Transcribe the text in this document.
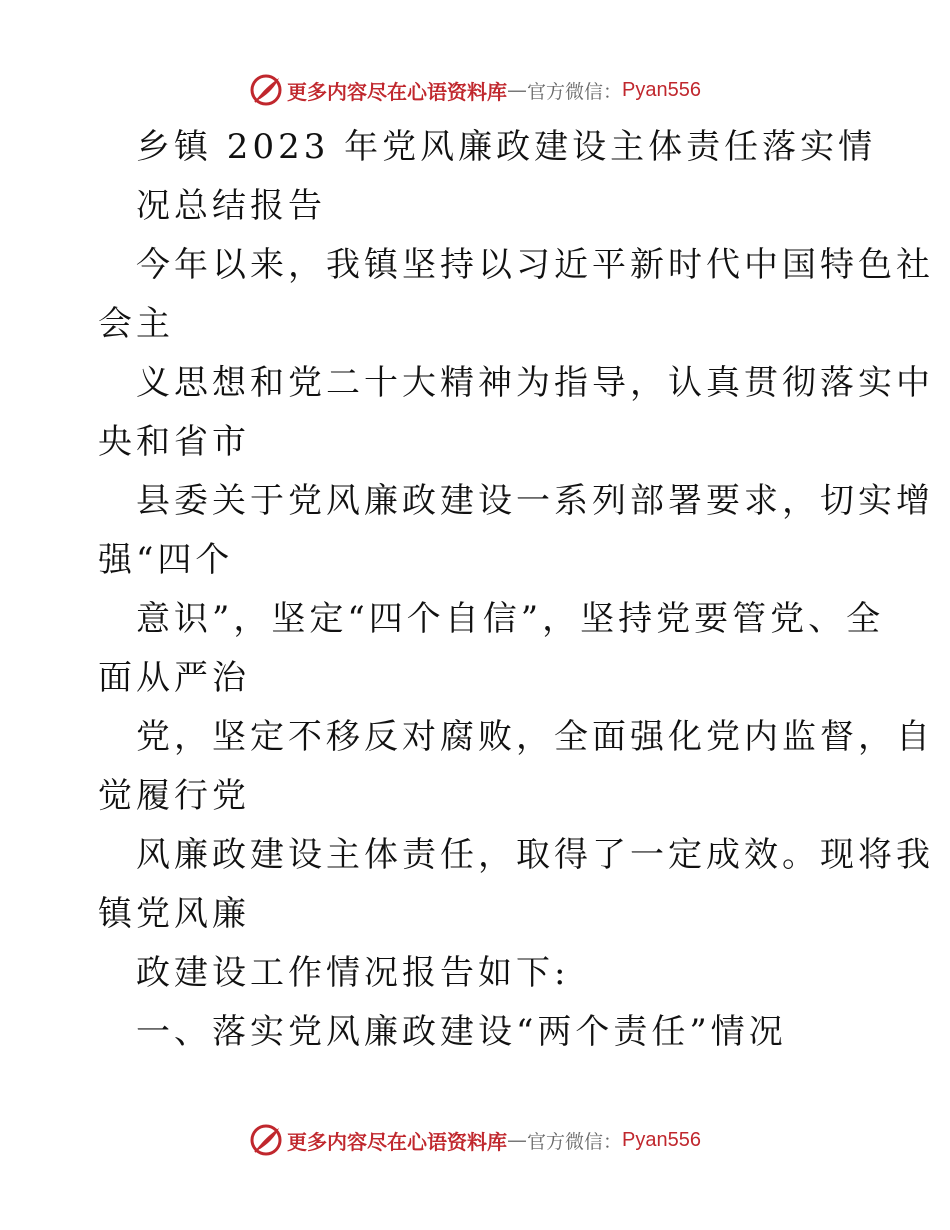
更多内容尽在心语资料库 — 官方微信： Pyan556
乡镇 2023 年党风廉政建设主体责任落实情
况总结报告
今年以来，我镇坚持以习近平新时代中国特色社
会主
义思想和党二十大精神为指导，认真贯彻落实中
央和省市
县委关于党风廉政建设一系列部署要求，切实增
强“四个
意识”，坚定“四个自信”，坚持党要管党、全
面从严治
党，坚定不移反对腐败，全面强化党内监督，自
觉履行党
风廉政建设主体责任，取得了一定成效。现将我
镇党风廉
政建设工作情况报告如下:
一、落实党风廉政建设“两个责任”情况
更多内容尽在心语资料库 — 官方微信： Pyan556
